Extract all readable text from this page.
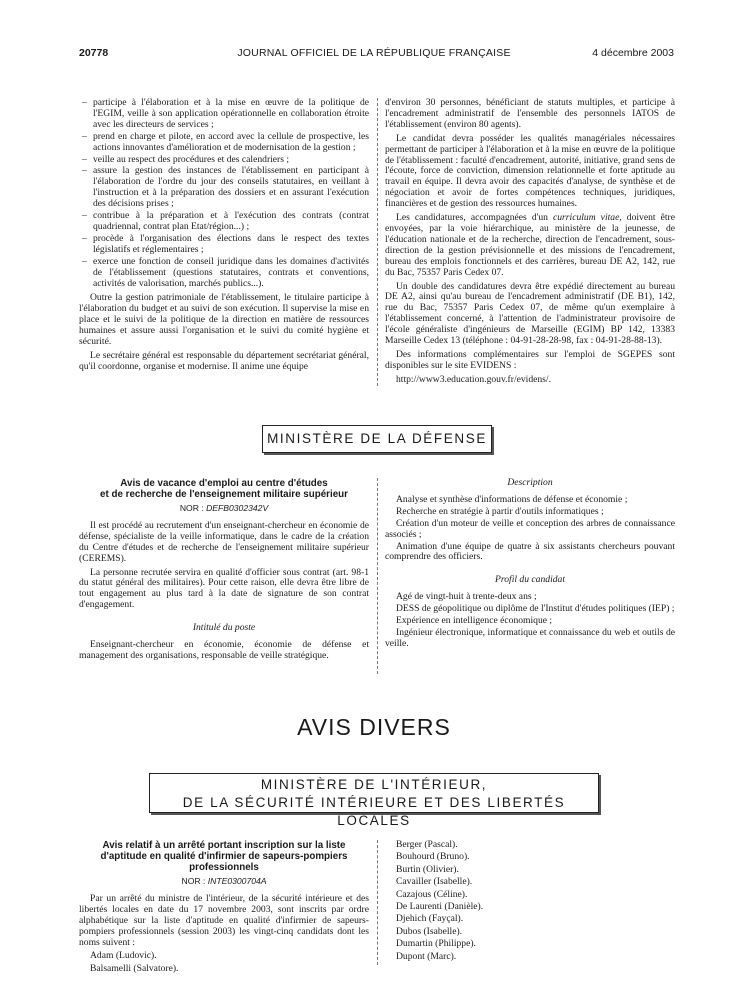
20778	JOURNAL OFFICIEL DE LA RÉPUBLIQUE FRANÇAISE	4 décembre 2003
– participe à l'élaboration et à la mise en œuvre de la politique de l'EGIM, veille à son application opérationnelle en collaboration étroite avec les directeurs de services ;
– prend en charge et pilote, en accord avec la cellule de prospective, les actions innovantes d'amélioration et de modernisation de la gestion ;
– veille au respect des procédures et des calendriers ;
– assure la gestion des instances de l'établissement en participant à l'élaboration de l'ordre du jour des conseils statutaires, en veillant à l'instruction et à la préparation des dossiers et en assurant l'exécution des décisions prises ;
– contribue à la préparation et à l'exécution des contrats (contrat quadriennal, contrat plan Etat/région...) ;
– procède à l'organisation des élections dans le respect des textes législatifs et réglementaires ;
– exerce une fonction de conseil juridique dans les domaines d'activités de l'établissement (questions statutaires, contrats et conventions, activités de valorisation, marchés publics...).

Outre la gestion patrimoniale de l'établissement, le titulaire participe à l'élaboration du budget et au suivi de son exécution. Il supervise la mise en place et le suivi de la politique de la direction en matière de ressources humaines et assure aussi l'organisation et le suivi du comité hygiène et sécurité.

Le secrétaire général est responsable du département secrétariat général, qu'il coordonne, organise et modernise. Il anime une équipe

d'environ 30 personnes, bénéficiant de statuts multiples, et participe à l'encadrement administratif de l'ensemble des personnels IATOS de l'établissement (environ 80 agents).

Le candidat devra posséder les qualités managériales nécessaires permettant de participer à l'élaboration et à la mise en œuvre de la politique de l'établissement : faculté d'encadrement, autorité, initiative, grand sens de l'écoute, force de conviction, dimension relationnelle et forte aptitude au travail en équipe. Il devra avoir des capacités d'analyse, de synthèse et de négociation et avoir de fortes compétences techniques, juridiques, financières et de gestion des ressources humaines.

Les candidatures, accompagnées d'un curriculum vitae, doivent être envoyées, par la voie hiérarchique, au ministère de la jeunesse, de l'éducation nationale et de la recherche, direction de l'encadrement, sous-direction de la gestion prévisionnelle et des missions de l'encadrement, bureau des emplois fonctionnels et des carrières, bureau DE A2, 142, rue du Bac, 75357 Paris Cedex 07.

Un double des candidatures devra être expédié directement au bureau DE A2, ainsi qu'au bureau de l'encadrement administratif (DE B1), 142, rue du Bac, 75357 Paris Cedex 07, de même qu'un exemplaire à l'établissement concerné, à l'attention de l'administrateur provisoire de l'école généraliste d'ingénieurs de Marseille (EGIM) BP 142, 13383 Marseille Cedex 13 (téléphone : 04-91-28-28-98, fax : 04-91-28-88-13).

Des informations complémentaires sur l'emploi de SGEPES sont disponibles sur le site EVIDENS :

http://www3.education.gouv.fr/evidens/.

MINISTÈRE DE LA DÉFENSE

Avis de vacance d'emploi au centre d'études

et de recherche de l'enseignement militaire supérieur

NOR : DEFB0302342V

Il est procédé au recrutement d'un enseignant-chercheur en économie de défense, spécialiste de la veille informatique, dans le cadre de la création du Centre d'études et de recherche de l'enseignement militaire supérieur (CEREMS).

La personne recrutée servira en qualité d'officier sous contrat (art. 98-1 du statut général des militaires). Pour cette raison, elle devra être libre de tout engagement au plus tard à la date de signature de son contrat d'engagement.

Intitulé du poste

Enseignant-chercheur en économie, économie de défense et management des organisations, responsable de veille stratégique.

Description

Analyse et synthèse d'informations de défense et économie ;

Recherche en stratégie à partir d'outils informatiques ;

Création d'un moteur de veille et conception des arbres de connaissance associés ;

Animation d'une équipe de quatre à six assistants chercheurs pouvant comprendre des officiers.

Profil du candidat

Agé de vingt-huit à trente-deux ans ;

DESS de géopolitique ou diplôme de l'Institut d'études politiques (IEP) ;

Expérience en intelligence économique ;

Ingénieur électronique, informatique et connaissance du web et outils de veille.

AVIS DIVERS
MINISTÈRE DE L'INTÉRIEUR,
DE LA SÉCURITÉ INTÉRIEURE ET DES LIBERTÉS LOCALES

Avis relatif à un arrêté portant inscription sur la liste d'aptitude en qualité d'infirmier de sapeurs-pompiers professionnels

NOR : INTE0300704A

Par un arrêté du ministre de l'intérieur, de la sécurité intérieure et des libertés locales en date du 17 novembre 2003, sont inscrits par ordre alphabétique sur la liste d'aptitude en qualité d'infirmier de sapeurs-pompiers professionnels (session 2003) les vingt-cinq candidats dont les noms suivent :

Adam (Ludovic).

Balsamelli (Salvatore).

Berger (Pascal).

Bouhourd (Bruno).

Burtin (Olivier).

Cavailler (Isabelle).

Cazajous (Céline).

De Laurenti (Danièle).

Djehich (Fayçal).

Dubos (Isabelle).

Dumartin (Philippe).

Dupont (Marc).
